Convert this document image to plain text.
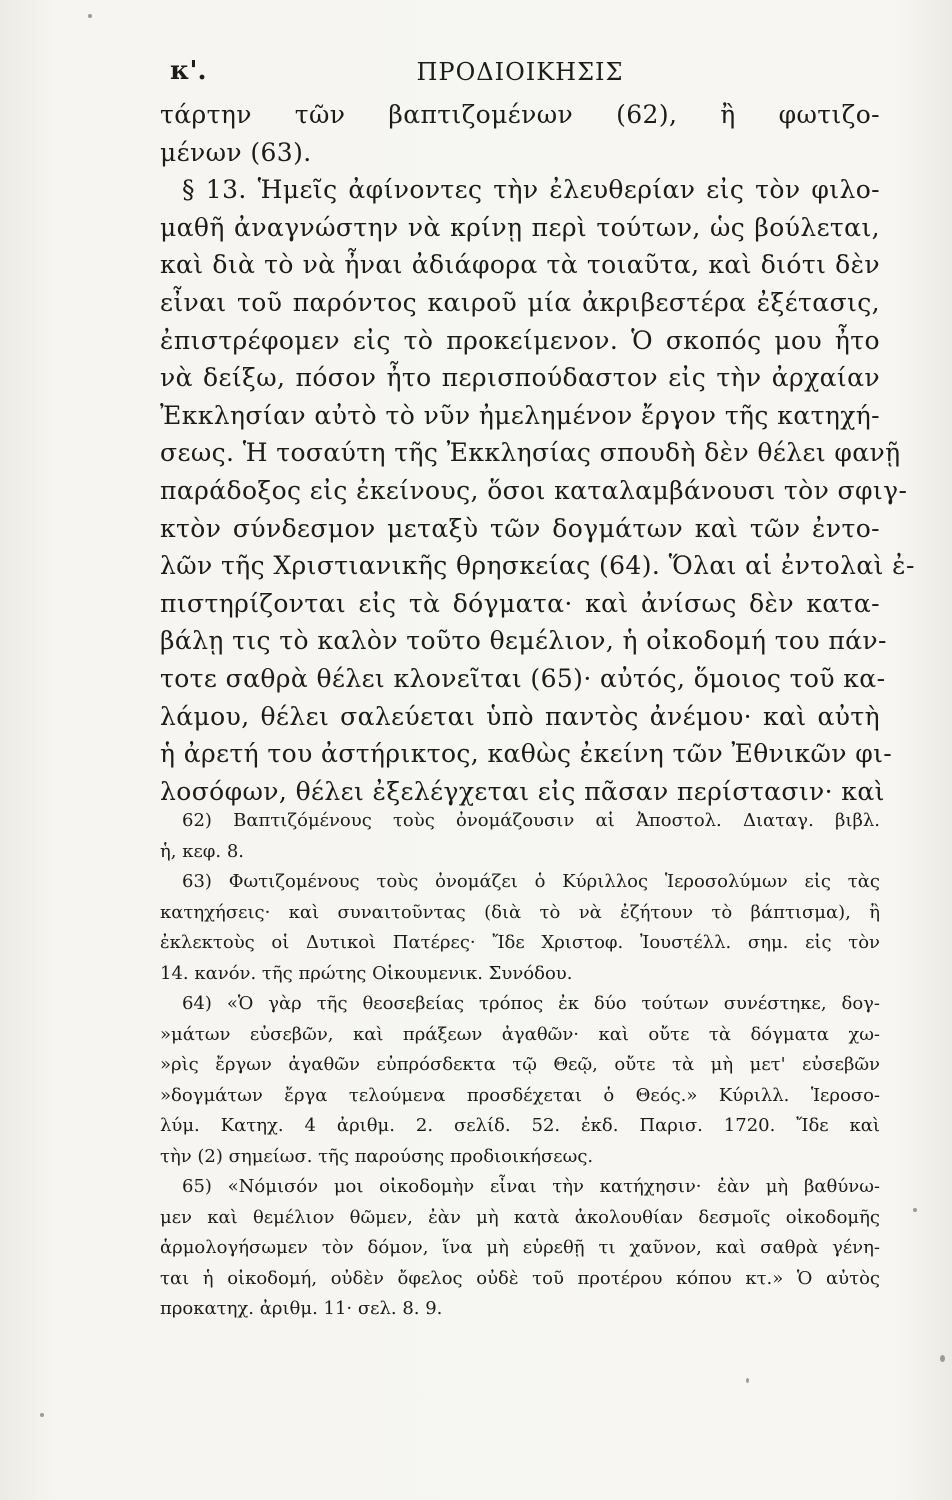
κ'.	ΠΡΟΔΙΟΙΚΗΣΙΣ
τάρτην τῶν βαπτιζομένων (62), ἢ φωτιζο-
μένων (63).
§ 13. Ἡμεῖς ἀφίνοντες τὴν ἐλευθερίαν εἰς τὸν φιλο-
μαθῆ ἀναγνώστην νὰ κρίνῃ περὶ τούτων, ὡς βούλεται,
καὶ διὰ τὸ νὰ ἦναι ἀδιάφορα τὰ τοιαῦτα, καὶ διότι δὲν
εἶναι τοῦ παρόντος καιροῦ μία ἀκριβεστέρα ἐξέτασις,
ἐπιστρέφομεν εἰς τὸ προκείμενον. Ὁ σκοπός μου ἦτο
νὰ δείξω, πόσον ἦτο περισπούδαστον εἰς τὴν ἀρχαίαν
Ἐκκλησίαν αὐτὸ τὸ νῦν ἠμελημένον ἔργον τῆς κατηχή-
σεως. Ἡ τοσαύτη τῆς Ἐκκλησίας σπουδὴ δὲν θέλει φανῇ
παράδοξος εἰς ἐκείνους, ὅσοι καταλαμβάνουσι τὸν σφιγ-
κτὸν σύνδεσμον μεταξὺ τῶν δογμάτων καὶ τῶν ἐντο-
λῶν τῆς Χριστιανικῆς θρησκείας (64). Ὅλαι αἱ ἐντολαὶ ἐ-
πιστηρίζονται εἰς τὰ δόγματα· καὶ ἀνίσως δὲν κατα-
βάλῃ τις τὸ καλὸν τοῦτο θεμέλιον, ἡ οἰκοδομή του πάν-
τοτε σαθρὰ θέλει κλονεῖται (65)· αὐτός, ὅμοιος τοῦ κα-
λάμου, θέλει σαλεύεται ὑπὸ παντὸς ἀνέμου· καὶ αὐτὴ
ἡ ἀρετή του ἀστήρικτος, καθὼς ἐκείνη τῶν Ἐθνικῶν φι-
λοσόφων, θέλει ἐξελέγχεται εἰς πᾶσαν περίστασιν· καὶ
62) Βαπτιζόμένους τοὺς ὀνομάζουσιν αἱ Ἀποστολ. Διαταγ. βιβλ.
ἡ, κεφ. 8.
63) Φωτιζομένους τοὺς ὀνομάζει ὁ Κύριλλος Ἱεροσολύμων εἰς τὰς
κατηχήσεις· καὶ συναιτοῦντας (διὰ τὸ νὰ ἐζήτουν τὸ βάπτισμα), ἢ
ἐκλεκτοὺς οἱ Δυτικοὶ Πατέρες· Ἴδε Χριστοφ. Ἰουστέλλ. σημ. εἰς τὸν
14. κανόν. τῆς πρώτης Οἰκουμενικ. Συνόδου.
64) «Ὁ γὰρ τῆς θεοσεβείας τρόπος ἐκ δύο τούτων συνέστηκε, δογ-
»μάτων εὐσεβῶν, καὶ πράξεων ἀγαθῶν· καὶ οὔτε τὰ δόγματα χω-
»ρὶς ἔργων ἀγαθῶν εὐπρόσδεκτα τῷ Θεῷ, οὔτε τὰ μὴ μετ' εὐσεβῶν
»δογμάτων ἔργα τελούμενα προσδέχεται ὁ Θεός.» Κύριλλ. Ἱεροσο-
λύμ. Κατηχ. 4 ἀριθμ. 2. σελίδ. 52. ἐκδ. Παρισ. 1720. Ἴδε καὶ
τὴν (2) σημείωσ. τῆς παρούσης προδιοικήσεως.
65) «Νόμισόν μοι οἰκοδομὴν εἶναι τὴν κατήχησιν· ἐὰν μὴ βαθύνω-
μεν καὶ θεμέλιον θῶμεν, ἐὰν μὴ κατὰ ἀκολουθίαν δεσμοῖς οἰκοδομῆς
ἁρμολογήσωμεν τὸν δόμον, ἵνα μὴ εὑρεθῇ τι χαῦνον, καὶ σαθρὰ γένη-
ται ἡ οἰκοδομή, οὐδὲν ὄφελος οὐδὲ τοῦ προτέρου κόπου κτ.» Ὁ αὐτὸς
προκατηχ. ἀριθμ. 11· σελ. 8. 9.
